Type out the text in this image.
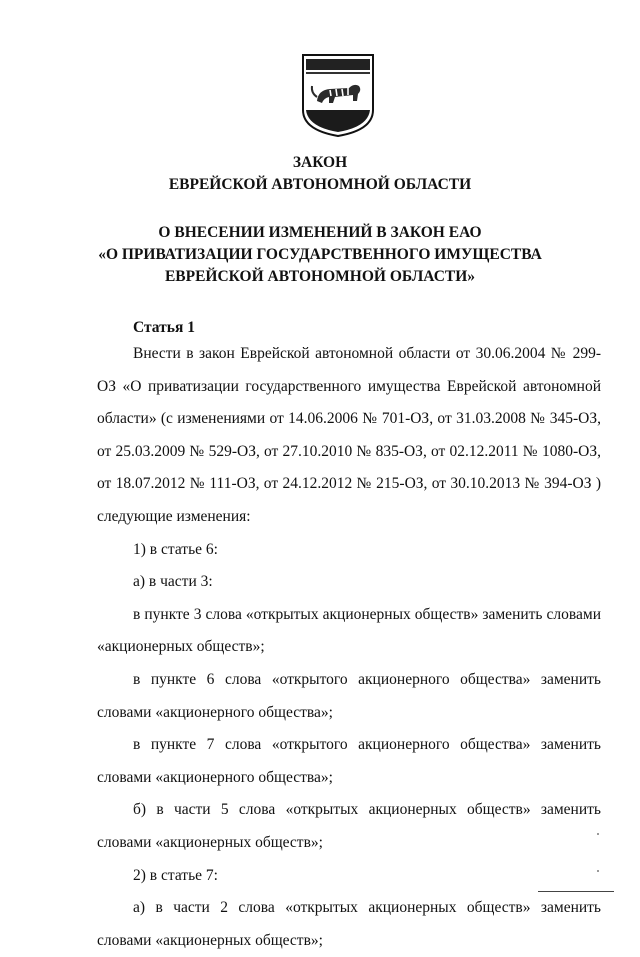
ЗАКОН
ЕВРЕЙСКОЙ АВТОНОМНОЙ ОБЛАСТИ
О ВНЕСЕНИИ ИЗМЕНЕНИЙ В ЗАКОН ЕАО
«О ПРИВАТИЗАЦИИ ГОСУДАРСТВЕННОГО ИМУЩЕСТВА
ЕВРЕЙСКОЙ АВТОНОМНОЙ ОБЛАСТИ»
Статья 1

Внести в закон Еврейской автономной области от 30.06.2004 № 299-ОЗ «О приватизации государственного имущества Еврейской автономной области» (с изменениями от 14.06.2006 № 701-ОЗ, от 31.03.2008 № 345-ОЗ, от 25.03.2009 № 529-ОЗ, от 27.10.2010 № 835-ОЗ, от 02.12.2011 № 1080-ОЗ, от 18.07.2012 № 111-ОЗ, от 24.12.2012 № 215-ОЗ, от 30.10.2013 № 394-ОЗ ) следующие изменения:

1) в статье 6:

а) в части 3:

в пункте 3 слова «открытых акционерных обществ» заменить словами «акционерных обществ»;

в пункте 6 слова «открытого акционерного общества» заменить словами «акционерного общества»;

в пункте 7 слова «открытого акционерного общества» заменить словами «акционерного общества»;

б) в части 5 слова «открытых акционерных обществ» заменить словами «акционерных обществ»;

2) в статье 7:

а) в части 2 слова «открытых акционерных обществ» заменить словами «акционерных обществ»;
